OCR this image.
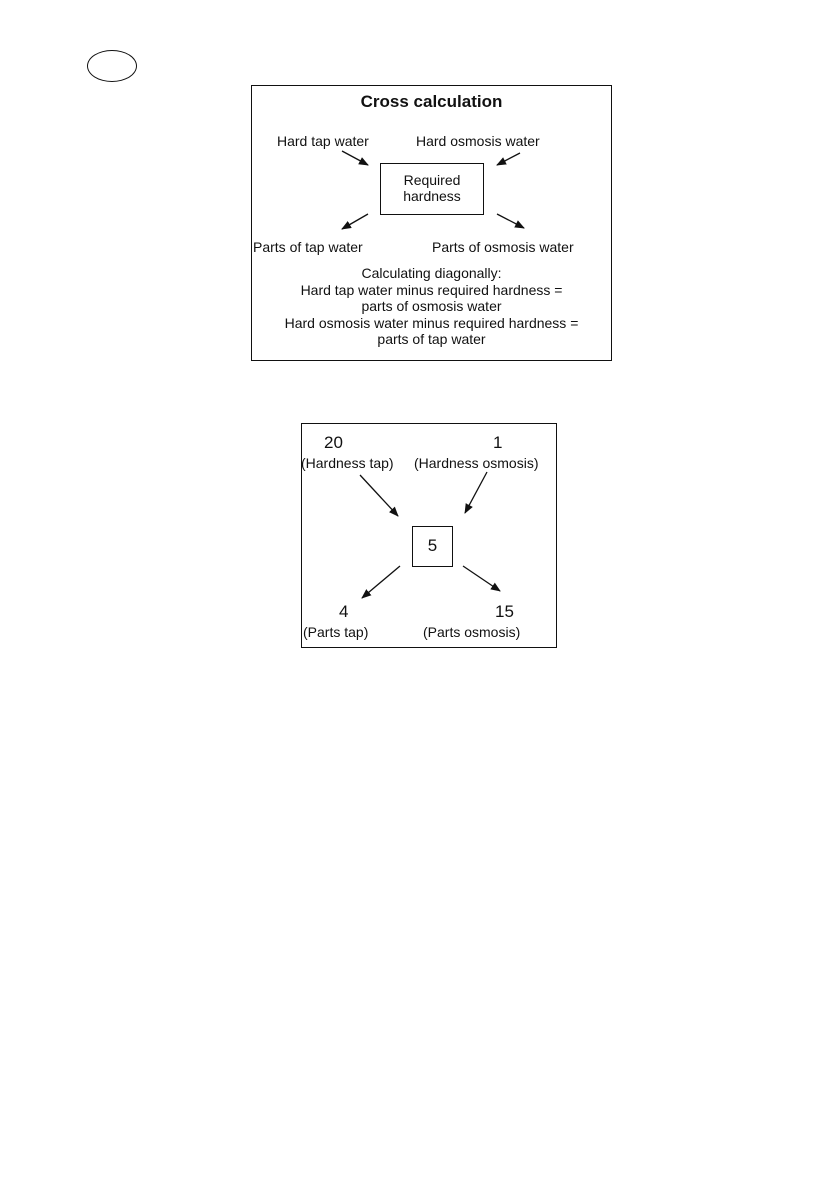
Cross calculation
Hard tap water	Hard osmosis water
Required
hardness
Parts of tap water	Parts of osmosis water
Calculating diagonally:
Hard tap water minus required hardness =
parts of osmosis water
Hard osmosis water minus required hardness =
parts of tap water
20
(Hardness tap)
1
(Hardness osmosis)
5
4
(Parts tap)
15
(Parts osmosis)
